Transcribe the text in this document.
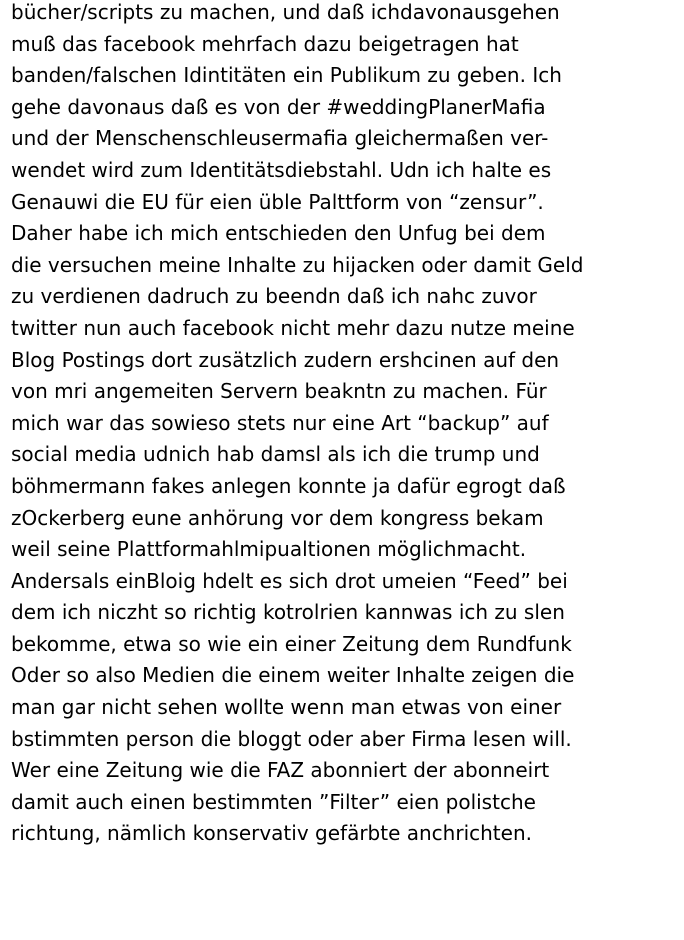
bücher/scripts zu machen, und daß ichdavonausgehen
muß das facebook mehrfach dazu beigetragen hat
banden/falschen Idintitäten ein Publikum zu geben. Ich
gehe davonaus daß es von der #weddingPlanerMafia
und der Menschenschleusermafia gleichermaßen ver-
wendet wird zum Identitätsdiebstahl. Udn ich halte es
Genauwi die EU für eien üble Palttform von “zensur”.
Daher habe ich mich entschieden den Unfug bei dem
die versuchen meine Inhalte zu hijacken oder damit Geld
zu verdienen dadruch zu beendn daß ich nahc zuvor
twitter nun auch facebook nicht mehr dazu nutze meine
Blog Postings dort zusätzlich zudern ershcinen auf den
von mri angemeiten Servern beakntn zu machen. Für
mich war das sowieso stets nur eine Art “backup” auf
social media udnich hab damsl als ich die trump und
böhmermann fakes anlegen konnte ja dafür egrogt daß
zOckerberg eune anhörung vor dem kongress bekam
weil seine Plattformahlmipualtionen möglichmacht.
Andersals einBloig hdelt es sich drot umeien “Feed” bei
dem ich niczht so richtig kotrolrien kannwas ich zu slen
bekomme, etwa so wie ein einer Zeitung dem Rundfunk
Oder so also Medien die einem weiter Inhalte zeigen die
man gar nicht sehen wollte wenn man etwas von einer
bstimmten person die bloggt oder aber Firma lesen will.
Wer eine Zeitung wie die FAZ abonniert der abonneirt
damit auch einen bestimmten ”Filter” eien polistche
richtung, nämlich konservativ gefärbte anchrichten.
